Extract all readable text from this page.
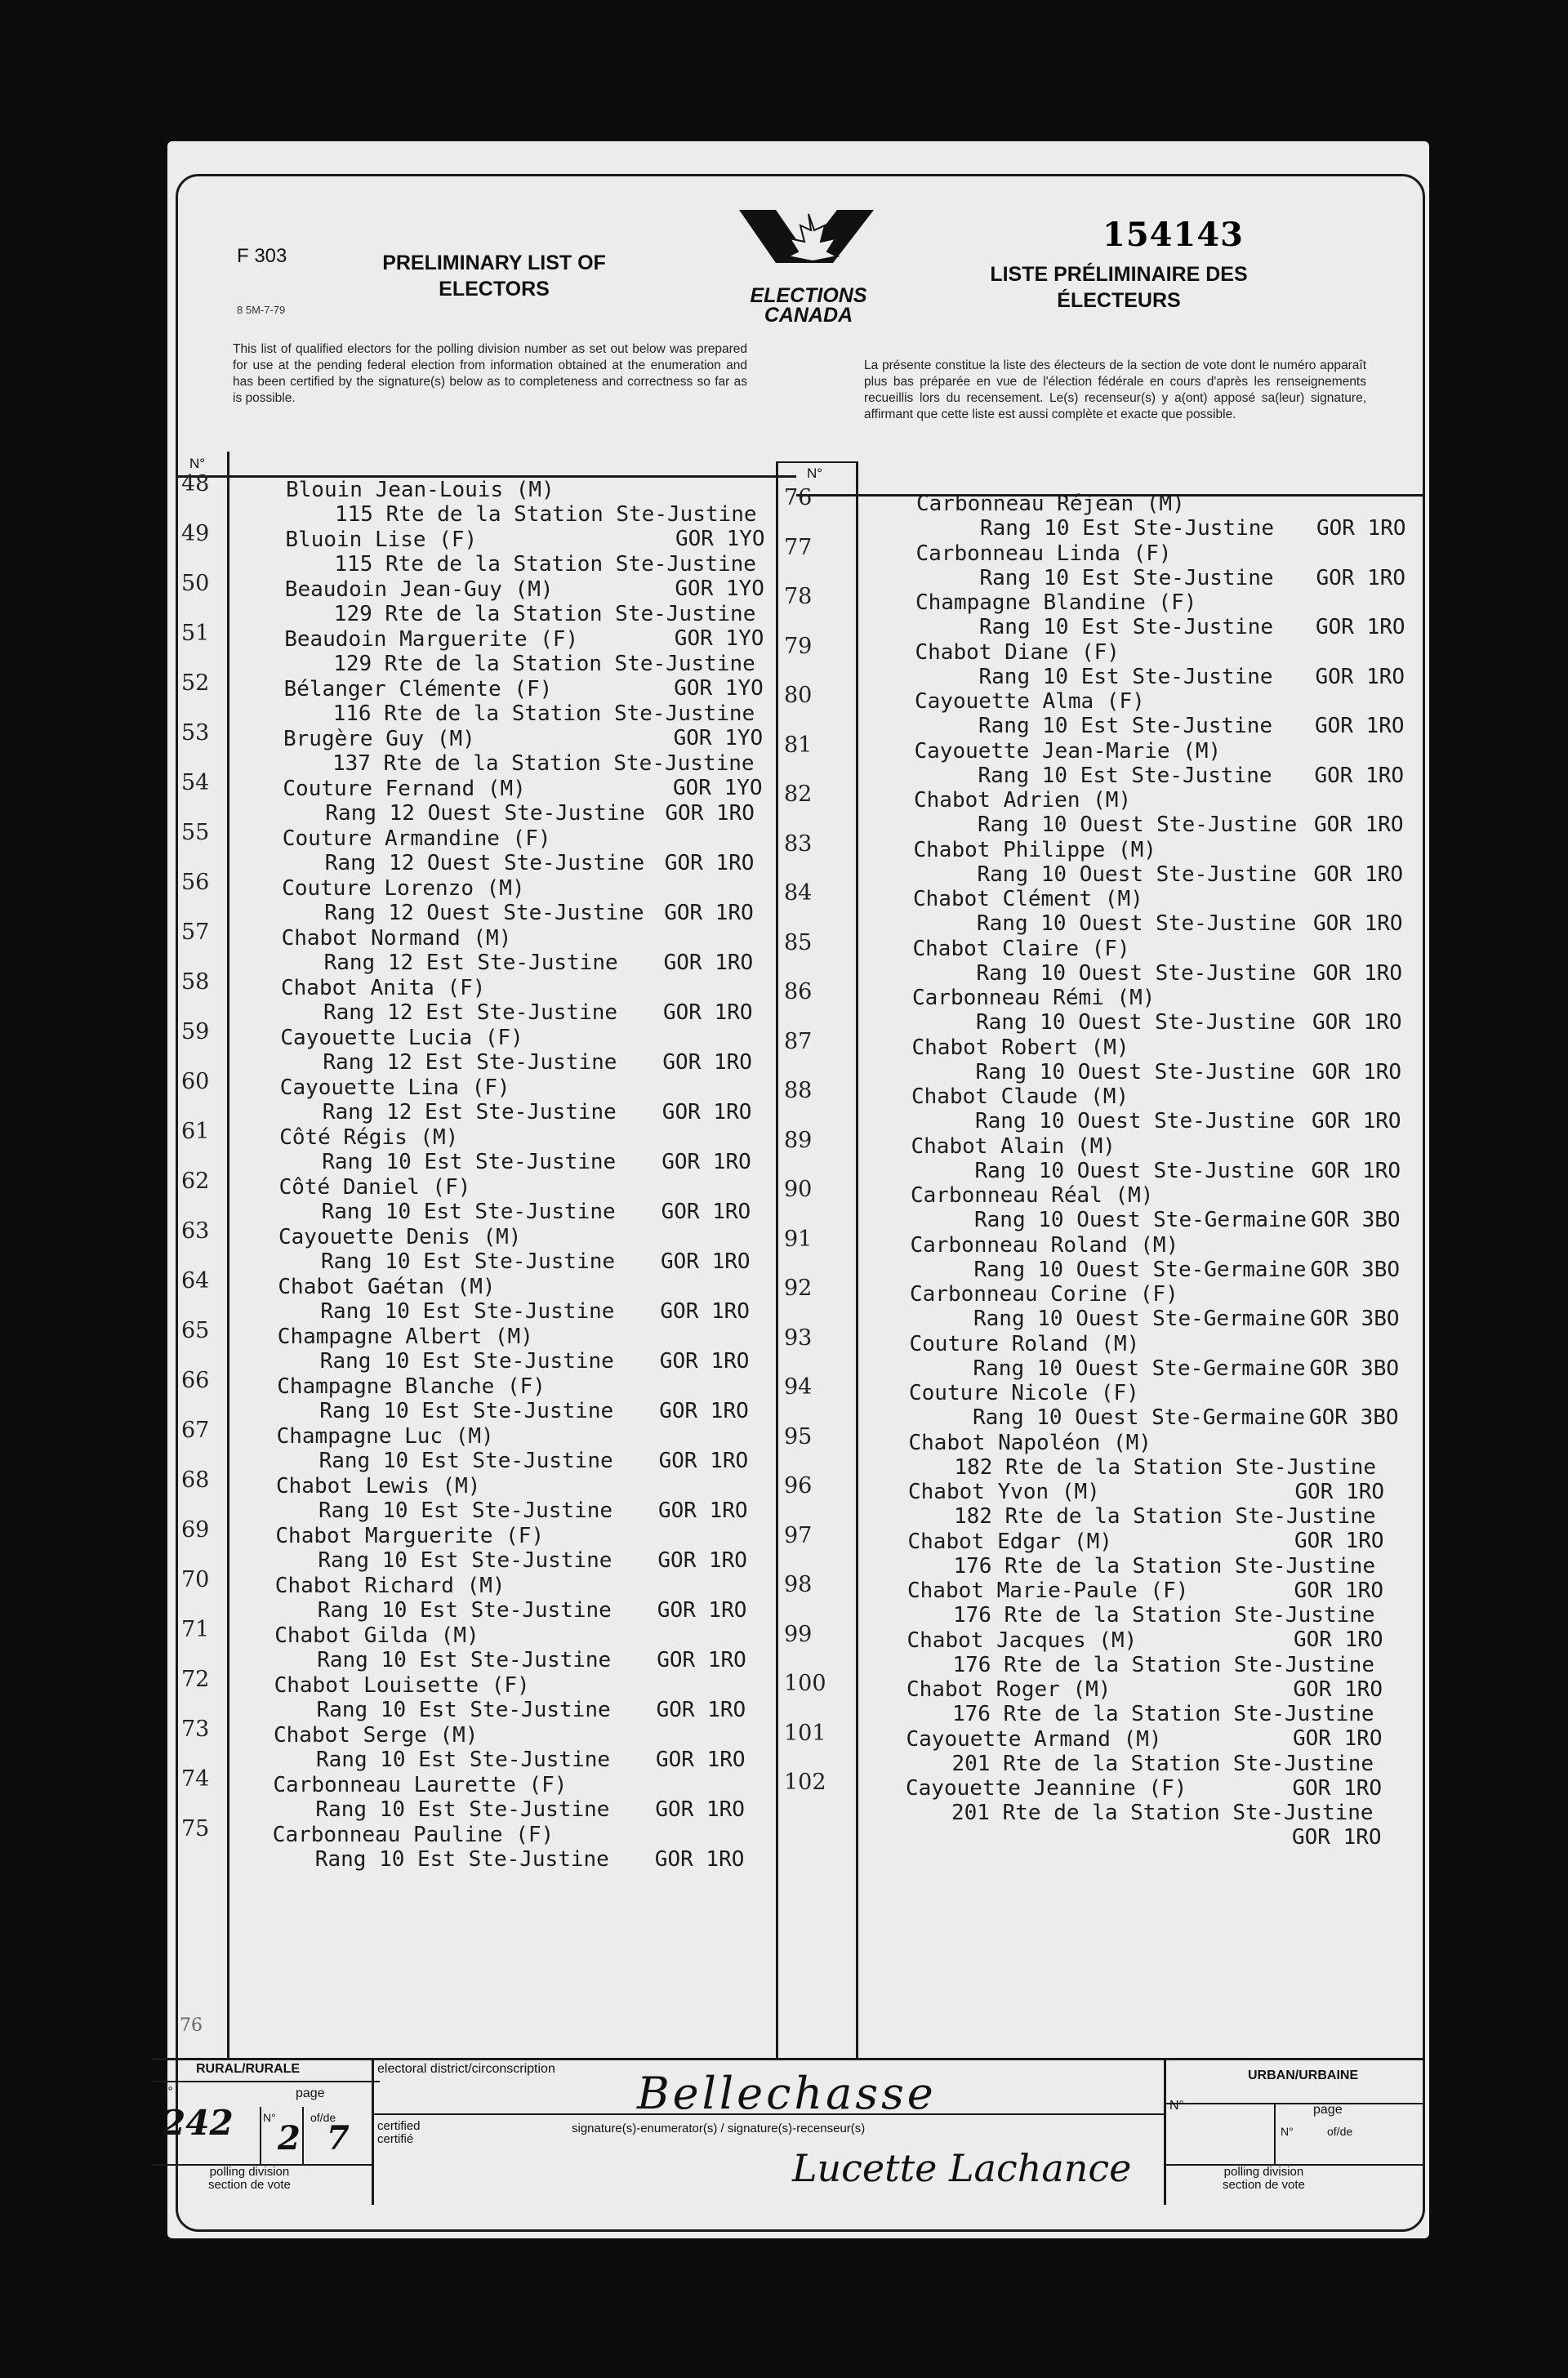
F 303
8 5M-7-79
PRELIMINARY LIST OF
ELECTORS	ELECTIONS
CANADA
154143
LISTE PRÉLIMINAIRE DES
ÉLECTEURS
This list of qualified electors for the polling division number as set out below was prepared for use at the pending federal election from information obtained at the enumeration and has been certified by the signature(s) below as to completeness and correctness so far as is possible.
La présente constitue la liste des électeurs de la section de vote dont le numéro apparaît plus bas préparée en vue de l'élection fédérale en cours d'après les renseignements recueillis lors du recensement. Le(s) recenseur(s) y a(ont) apposé sa(leur) signature, affirmant que cette liste est aussi complète et exacte que possible.
N°
N°
48	Blouin Jean-Louis (M)
115 Rte de la Station Ste-Justine
GOR 1YO
49	Bluoin Lise (F)
115 Rte de la Station Ste-Justine
GOR 1YO
50	Beaudoin Jean-Guy (M)
129 Rte de la Station Ste-Justine
GOR 1YO
51	Beaudoin Marguerite (F)
129 Rte de la Station Ste-Justine
GOR 1YO
52	Bélanger Clémente (F)
116 Rte de la Station Ste-Justine
GOR 1YO
53	Brugère Guy (M)
137 Rte de la Station Ste-Justine
GOR 1YO
54	Couture Fernand (M)
Rang 12 Ouest Ste-Justine GOR 1RO
55	Couture Armandine (F)
Rang 12 Ouest Ste-Justine GOR 1RO
56	Couture Lorenzo (M)
Rang 12 Ouest Ste-Justine GOR 1RO
57	Chabot Normand (M)
Rang 12 Est Ste-Justine GOR 1RO
58	Chabot Anita (F)
Rang 12 Est Ste-Justine GOR 1RO
59	Cayouette Lucia (F)
Rang 12 Est Ste-Justine GOR 1RO
60	Cayouette Lina (F)
Rang 12 Est Ste-Justine GOR 1RO
61	Côté Régis (M)
Rang 10 Est Ste-Justine GOR 1RO
62	Côté Daniel (F)
Rang 10 Est Ste-Justine GOR 1RO
63	Cayouette Denis (M)
Rang 10 Est Ste-Justine GOR 1RO
64	Chabot Gaétan (M)
Rang 10 Est Ste-Justine GOR 1RO
65	Champagne Albert (M)
Rang 10 Est Ste-Justine GOR 1RO
66	Champagne Blanche (F)
Rang 10 Est Ste-Justine GOR 1RO
67	Champagne Luc (M)
Rang 10 Est Ste-Justine GOR 1RO
68	Chabot Lewis (M)
Rang 10 Est Ste-Justine GOR 1RO
69	Chabot Marguerite (F)
Rang 10 Est Ste-Justine GOR 1RO
70	Chabot Richard (M)
Rang 10 Est Ste-Justine GOR 1RO
71	Chabot Gilda (M)
Rang 10 Est Ste-Justine GOR 1RO
72	Chabot Louisette (F)
Rang 10 Est Ste-Justine GOR 1RO
73	Chabot Serge (M)
Rang 10 Est Ste-Justine GOR 1RO
74	Carbonneau Laurette (F)
Rang 10 Est Ste-Justine GOR 1RO
75	Carbonneau Pauline (F)
Rang 10 Est Ste-Justine GOR 1RO
76	Carbonneau Réjean (M)
Rang 10 Est Ste-Justine GOR 1RO
77	Carbonneau Linda (F)
Rang 10 Est Ste-Justine GOR 1RO
78	Champagne Blandine (F)
Rang 10 Est Ste-Justine GOR 1RO
79	Chabot Diane (F)
Rang 10 Est Ste-Justine GOR 1RO
80	Cayouette Alma (F)
Rang 10 Est Ste-Justine GOR 1RO
81	Cayouette Jean-Marie (M)
Rang 10 Est Ste-Justine GOR 1RO
82	Chabot Adrien (M)
Rang 10 Ouest Ste-Justine GOR 1RO
83	Chabot Philippe (M)
Rang 10 Ouest Ste-Justine GOR 1RO
84	Chabot Clément (M)
Rang 10 Ouest Ste-Justine GOR 1RO
85	Chabot Claire (F)
Rang 10 Ouest Ste-Justine GOR 1RO
86	Carbonneau Rémi (M)
Rang 10 Ouest Ste-Justine GOR 1RO
87	Chabot Robert (M)
Rang 10 Ouest Ste-Justine GOR 1RO
88	Chabot Claude (M)
Rang 10 Ouest Ste-Justine GOR 1RO
89	Chabot Alain (M)
Rang 10 Ouest Ste-Justine GOR 1RO
90	Carbonneau Réal (M)
Rang 10 Ouest Ste-Germaine GOR 3BO
91	Carbonneau Roland (M)
Rang 10 Ouest Ste-Germaine GOR 3BO
92	Carbonneau Corine (F)
Rang 10 Ouest Ste-Germaine GOR 3BO
93	Couture Roland (M)
Rang 10 Ouest Ste-Germaine GOR 3BO
94	Couture Nicole (F)
Rang 10 Ouest Ste-Germaine GOR 3BO
95	Chabot Napoléon (M)
182 Rte de la Station Ste-Justine
GOR 1RO
96	Chabot Yvon (M)
182 Rte de la Station Ste-Justine
GOR 1RO
97	Chabot Edgar (M)
176 Rte de la Station Ste-Justine
GOR 1RO
98	Chabot Marie-Paule (F)
176 Rte de la Station Ste-Justine
GOR 1RO
99	Chabot Jacques (M)
176 Rte de la Station Ste-Justine
GOR 1RO
100	Chabot Roger (M)
176 Rte de la Station Ste-Justine
GOR 1RO
101	Cayouette Armand (M)
201 Rte de la Station Ste-Justine
GOR 1RO
102	Cayouette Jeannine (F)
201 Rte de la Station Ste-Justine
GOR 1RO
76
RURAL/RURALE
N°	page
N°	of/de
242 2 7
polling division
section de vote
electoral district/circonscription Bellechasse
certified
certifié
signature(s)-enumerator(s) / signature(s)-recenseur(s)
Lucette Lachance
URBAN/URBAINE
N°	page
N°	of/de
polling division
section de vote
